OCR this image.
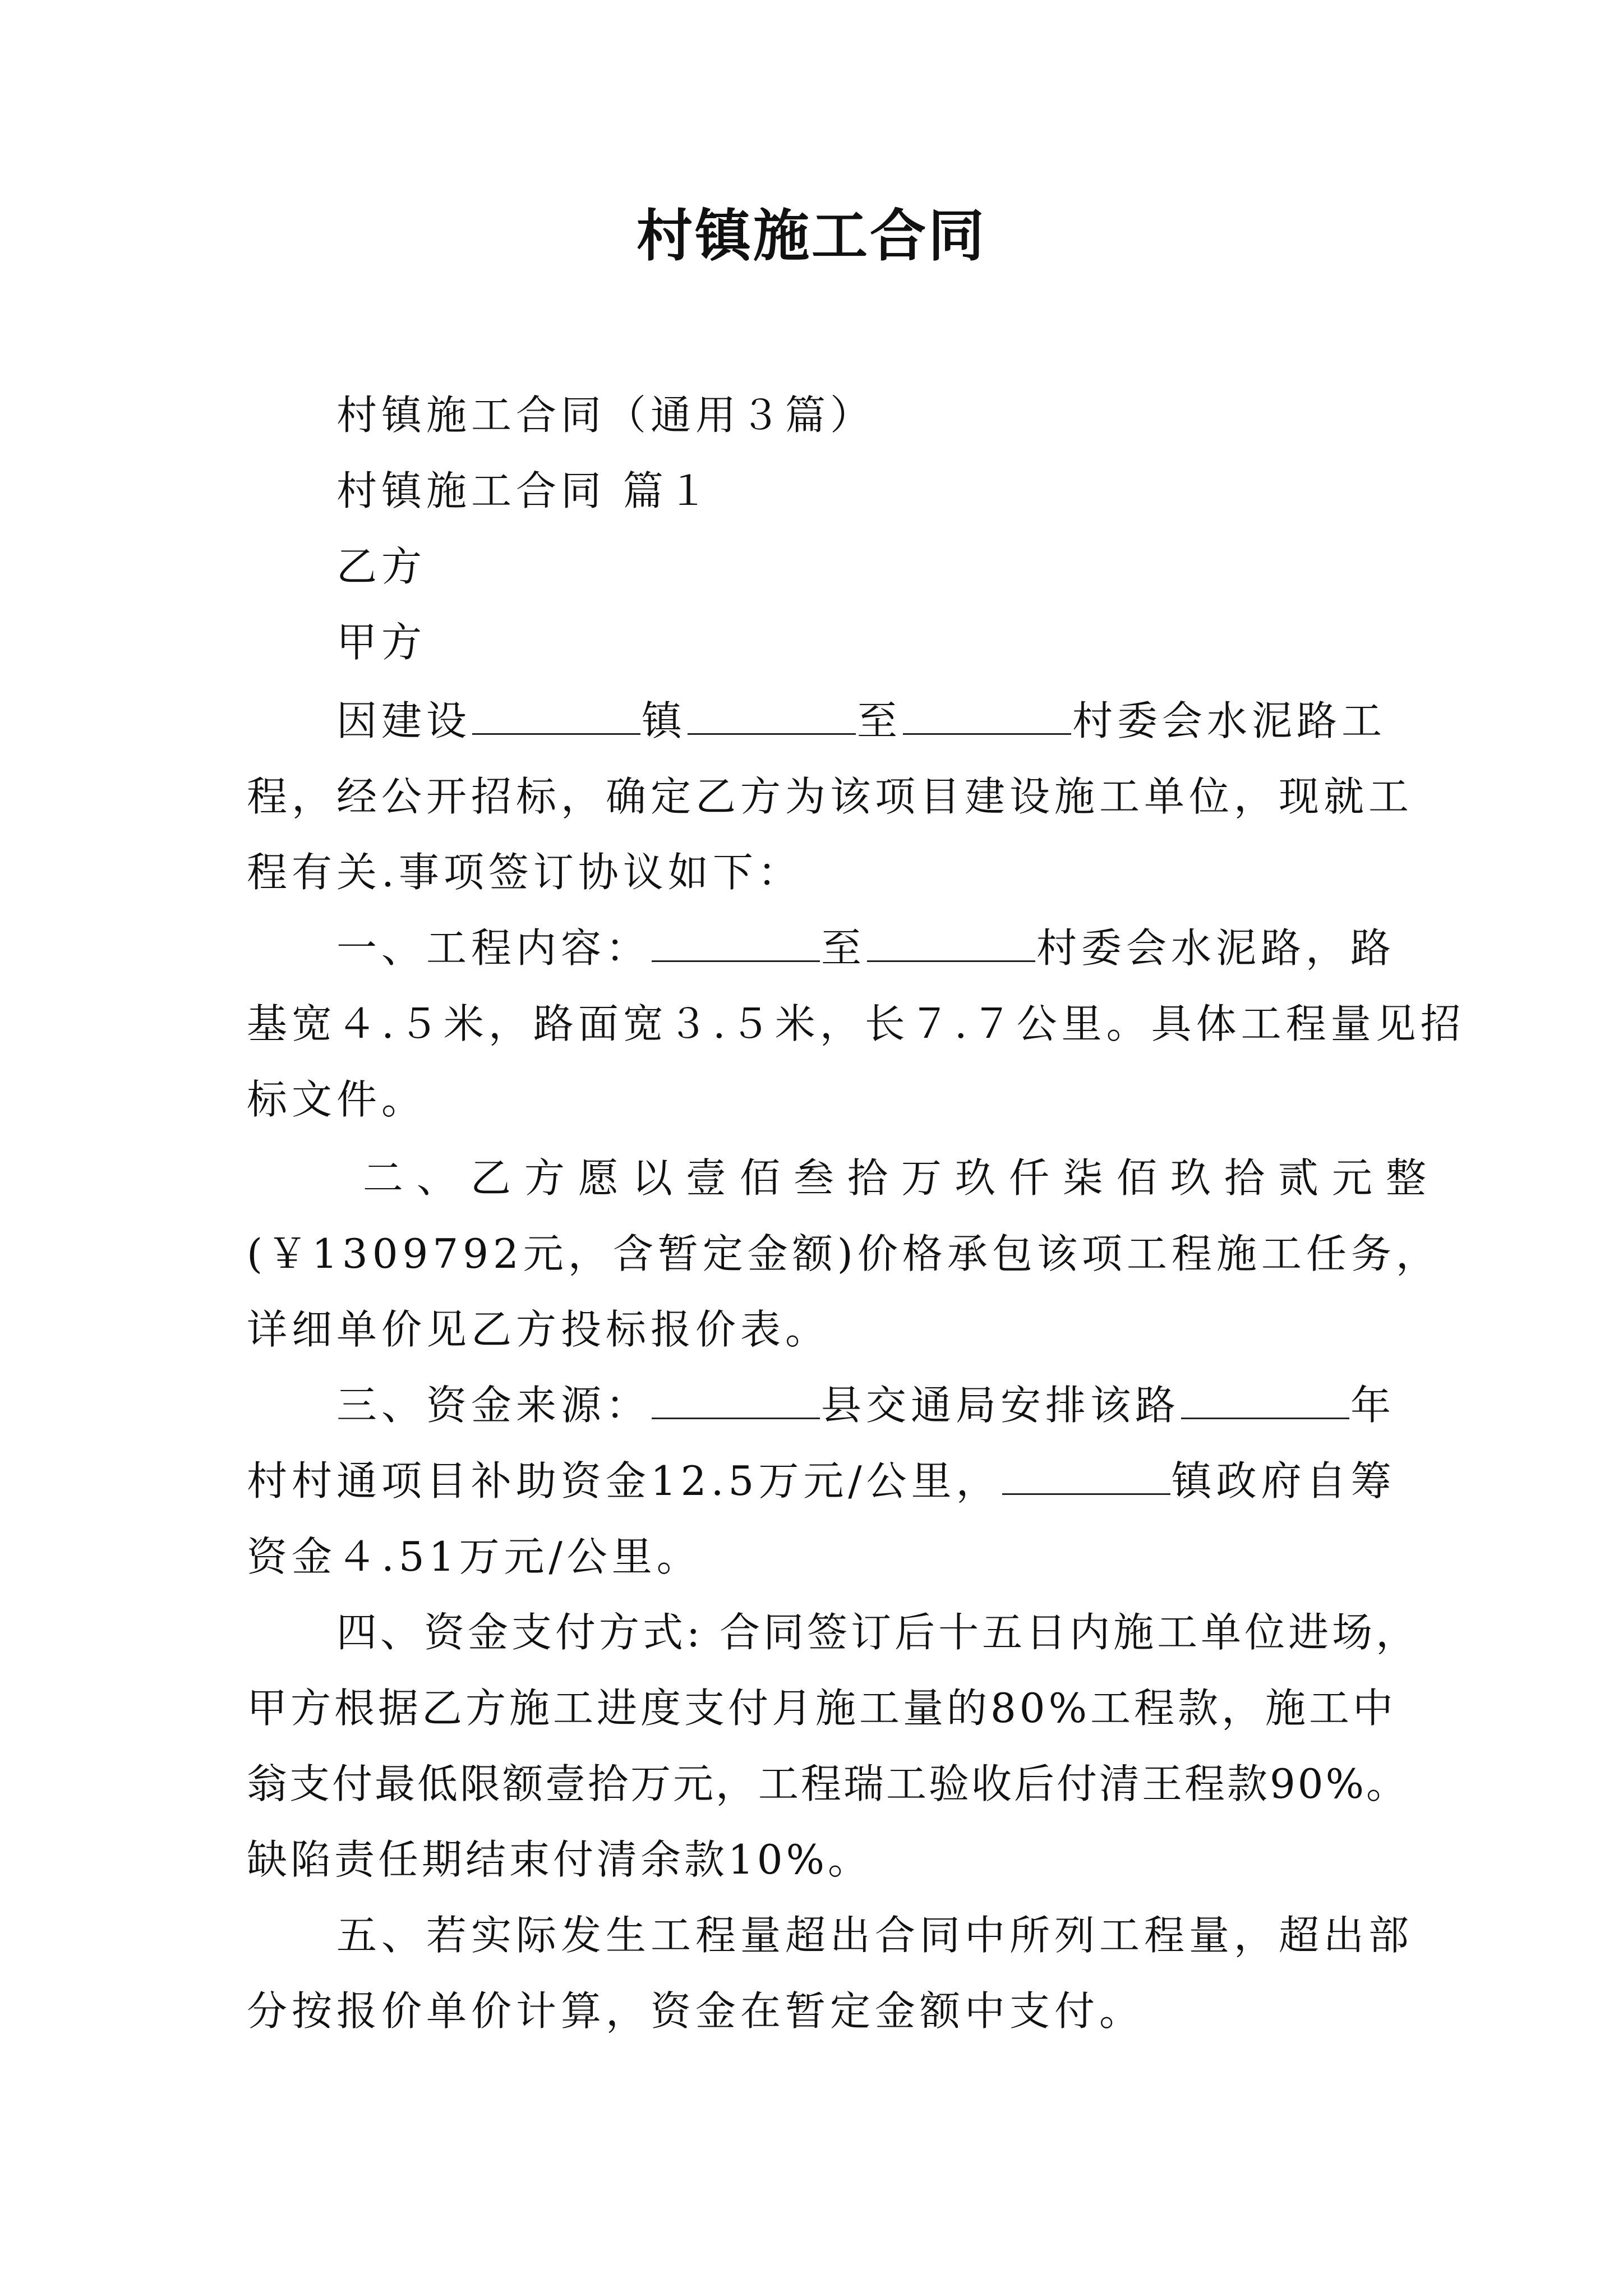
村镇施工合同
村镇施工合同（通用３篇）
村镇施工合同 篇１
乙方
甲方
因建设	镇	至	村委会水泥路工
程，经公开招标，确定乙方为该项目建设施工单位，现就工
程有关.事项签订协议如下：
一、工程内容：	至	村委会水泥路，路
基宽４.５米，路面宽３.５米，长７.７公里。具体工程量见招
标文件。
二、乙方愿以壹佰叁拾万玖仟柒佰玖拾贰元整
(￥1309792元，含暂定金额)价格承包该项工程施工任务，
详细单价见乙方投标报价表。
三、资金来源：	县交通局安排该路	年
村村通项目补助资金12.5万元/公里，	镇政府自筹
资金４.51万元/公里。
四、资金支付方式: 合同签订后十五日内施工单位进场，
甲方根据乙方施工进度支付月施工量的80%工程款，施工中
翁支付最低限额壹拾万元，工程瑞工验收后付清王程款90%。
缺陷责任期结束付清余款10%。
五、若实际发生工程量超出合同中所列工程量，超出部
分按报价单价计算，资金在暂定金额中支付。
